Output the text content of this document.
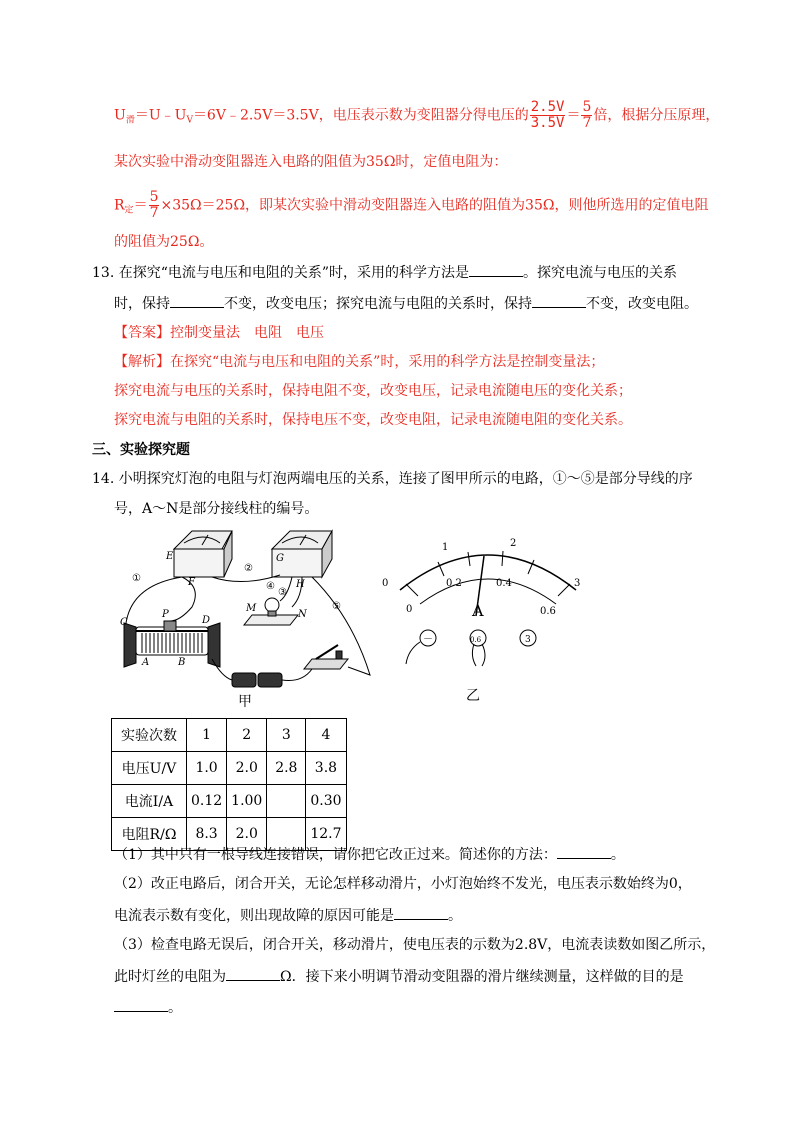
$U_滑=U﹣U_V=6V﹣2.5V=3.5V$，电压表示数为变阻器分得电压的 $\frac{2.5V}{3.5V} = \frac{5}{7}$ 倍，根据分压原理，
某次实验中滑动变阻器连入电路的阻值为35Ω时，定值电阻为：
$R_定= \frac{5}{7} \times 35\Omega=25\Omega$，即某次实验中滑动变阻器连入电路的阻值为35Ω，则他所选用的定值电阻
的阻值为25Ω。
13. 在探究“电流与电压和电阻的关系”时，采用的科学方法是	。探究电流与电压的关系
时，保持	不变，改变电压；探究电流与电阻的关系时，保持	不变，改变电阻。
【答案】控制变量法　电阻　电压
【解析】在探究“电流与电压和电阻的关系”时，采用的科学方法是控制变量法；
探究电流与电压的关系时，保持电阻不变，改变电压，记录电流随电压的变化关系；
探究电流与电阻的关系时，保持电压不变，改变电阻，记录电流随电阻的变化关系。
三、实验探究题
14. 小明探究灯泡的电阻与灯泡两端电压的关系，连接了图甲所示的电路，①～⑤是部分导线的序
号，A～N是部分接线柱的编号。
E
F
G
H
M
N
P
C	D
A	B
①
②
③
④
⑤
甲
0
1	2
3
0
0.2	0.4
0.6
A
－	0.6	3
乙
实验次数	1	2	3	4
电压U/V	1.0	2.0	2.8	3.8
电流I/A	0.12	1.00		0.30
电阻R/Ω	8.3	2.0		12.7
（1）其中只有一根导线连接错误，请你把它改正过来。简述你的方法：	。
（2）改正电路后，闭合开关，无论怎样移动滑片，小灯泡始终不发光，电压表示数始终为0，
电流表示数有变化，则出现故障的原因可能是	。
（3）检查电路无误后，闭合开关，移动滑片，使电压表的示数为2.8V，电流表读数如图乙所示，
此时灯丝的电阻为	Ω．接下来小明调节滑动变阻器的滑片继续测量，这样做的目的是
。
